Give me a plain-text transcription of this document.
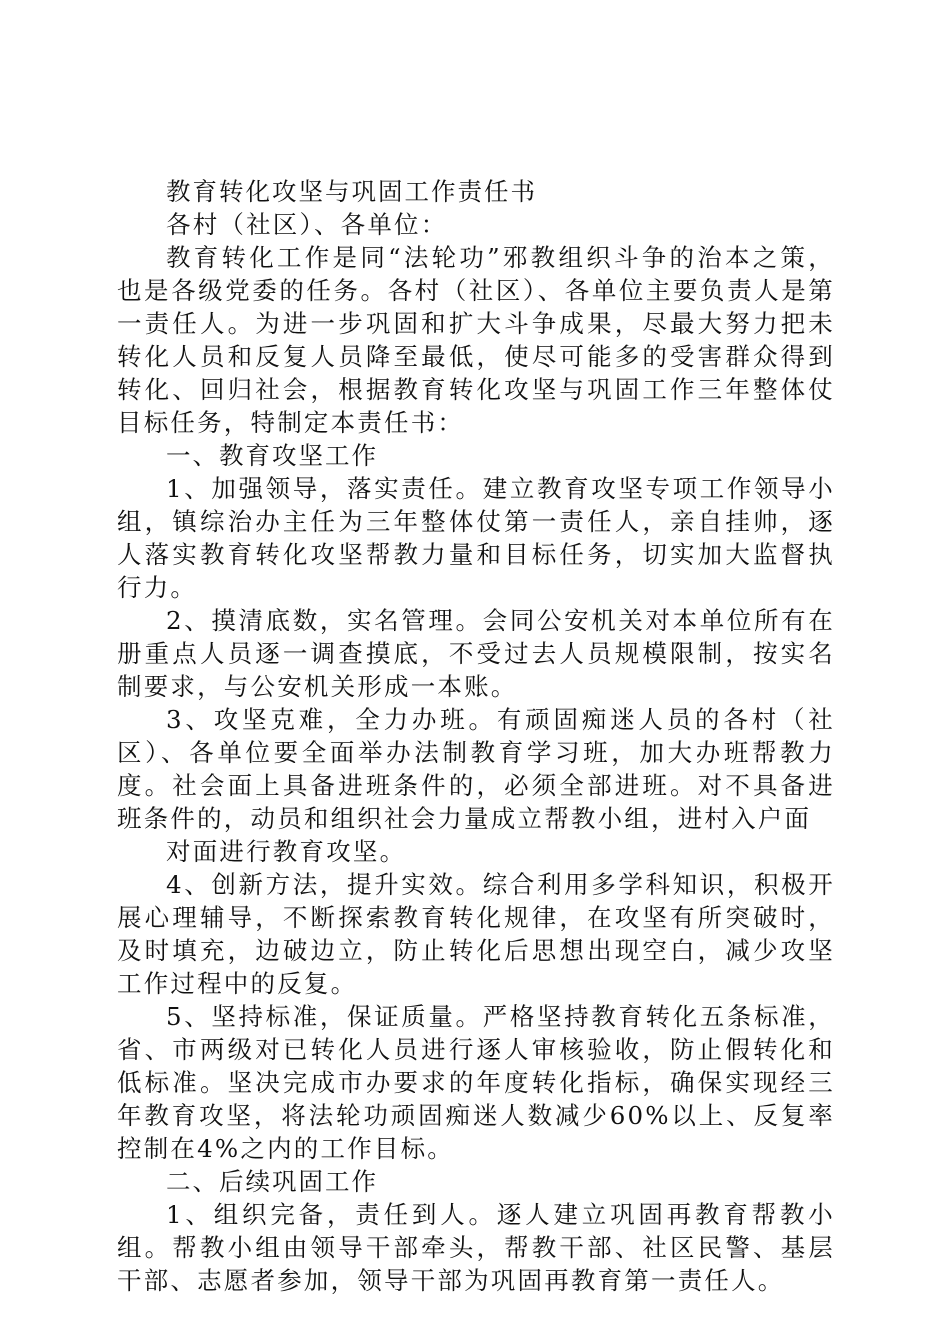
教育转化攻坚与巩固工作责任书

各村（社区）、各单位：

教育转化工作是同“法轮功”邪教组织斗争的治本之策，也是各级党委的任务。各村（社区）、各单位主要负责人是第一责任人。为进一步巩固和扩大斗争成果，尽最大努力把未转化人员和反复人员降至最低，使尽可能多的受害群众得到转化、回归社会，根据教育转化攻坚与巩固工作三年整体仗目标任务，特制定本责任书：

一、教育攻坚工作

1、加强领导，落实责任。建立教育攻坚专项工作领导小组，镇综治办主任为三年整体仗第一责任人，亲自挂帅，逐人落实教育转化攻坚帮教力量和目标任务，切实加大监督执行力。

2、摸清底数，实名管理。会同公安机关对本单位所有在册重点人员逐一调查摸底，不受过去人员规模限制，按实名制要求，与公安机关形成一本账。

3、攻坚克难，全力办班。有顽固痴迷人员的各村（社区）、各单位要全面举办法制教育学习班，加大办班帮教力度。社会面上具备进班条件的，必须全部进班。对不具备进班条件的，动员和组织社会力量成立帮教小组，进村入户面

对面进行教育攻坚。

4、创新方法，提升实效。综合利用多学科知识，积极开展心理辅导，不断探索教育转化规律，在攻坚有所突破时，及时填充，边破边立，防止转化后思想出现空白，减少攻坚工作过程中的反复。

5、坚持标准，保证质量。严格坚持教育转化五条标准，省、市两级对已转化人员进行逐人审核验收，防止假转化和低标准。坚决完成市办要求的年度转化指标，确保实现经三年教育攻坚，将法轮功顽固痴迷人数减少60%以上、反复率控制在4%之内的工作目标。

二、后续巩固工作

1、组织完备，责任到人。逐人建立巩固再教育帮教小组。帮教小组由领导干部牵头，帮教干部、社区民警、基层干部、志愿者参加，领导干部为巩固再教育第一责任人。
